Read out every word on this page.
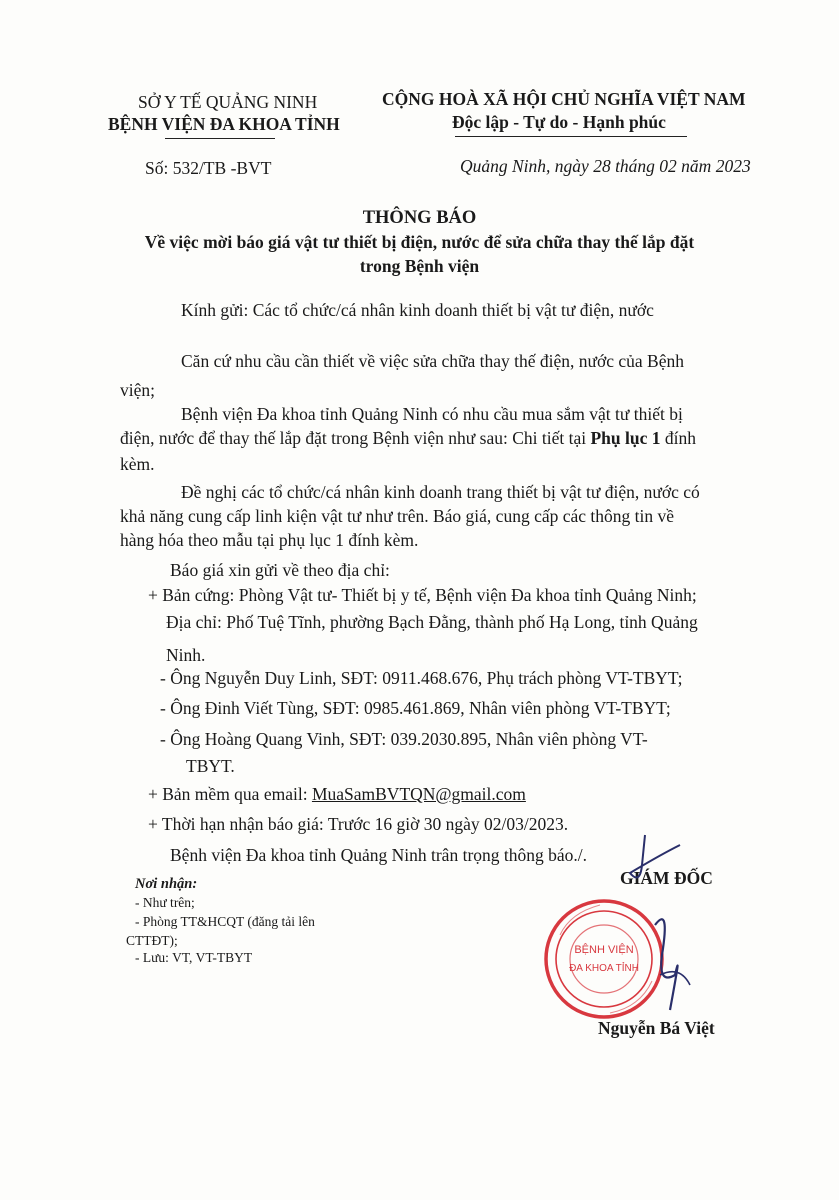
SỞ Y TẾ QUẢNG NINH
BỆNH VIỆN ĐA KHOA TỈNH
CỘNG HOÀ XÃ HỘI CHỦ NGHĨA VIỆT NAM
Độc lập - Tự do - Hạnh phúc
Số: 532/TB -BVT	Quảng Ninh, ngày 28 tháng 02 năm 2023
THÔNG BÁO
Về việc mời báo giá vật tư thiết bị điện, nước để sửa chữa thay thế lắp đặt
trong Bệnh viện
Kính gửi: Các tổ chức/cá nhân kinh doanh thiết bị vật tư điện, nước
Căn cứ nhu cầu cần thiết về việc sửa chữa thay thế điện, nước của Bệnh
viện;
Bệnh viện Đa khoa tỉnh Quảng Ninh có nhu cầu mua sắm vật tư thiết bị
điện, nước để thay thế lắp đặt trong Bệnh viện như sau: Chi tiết tại Phụ lục 1 đính
kèm.
Đề nghị các tổ chức/cá nhân kinh doanh trang thiết bị vật tư điện, nước có
khả năng cung cấp linh kiện vật tư như trên. Báo giá, cung cấp các thông tin về
hàng hóa theo mẫu tại phụ lục 1 đính kèm.
Báo giá xin gửi về theo địa chỉ:
+ Bản cứng: Phòng Vật tư- Thiết bị y tế, Bệnh viện Đa khoa tỉnh Quảng Ninh;
Địa chỉ: Phố Tuệ Tĩnh, phường Bạch Đằng, thành phố Hạ Long, tỉnh Quảng
Ninh.
- Ông Nguyễn Duy Linh, SĐT: 0911.468.676, Phụ trách phòng VT-TBYT;
- Ông Đinh Viết Tùng, SĐT: 0985.461.869, Nhân viên phòng VT-TBYT;
- Ông Hoàng Quang Vinh, SĐT: 039.2030.895, Nhân viên phòng VT-
TBYT.
+ Bản mềm qua email: MuaSamBVTQN@gmail.com
+ Thời hạn nhận báo giá: Trước 16 giờ 30 ngày 02/03/2023.
Bệnh viện Đa khoa tỉnh Quảng Ninh trân trọng thông báo./.
Nơi nhận:
- Như trên;
- Phòng TT&HCQT (đăng tải lên
CTTĐT);
- Lưu: VT, VT-TBYT
GIÁM ĐỐC
BỆNH VIỆN
ĐA KHOA TỈNH
Nguyễn Bá Việt
